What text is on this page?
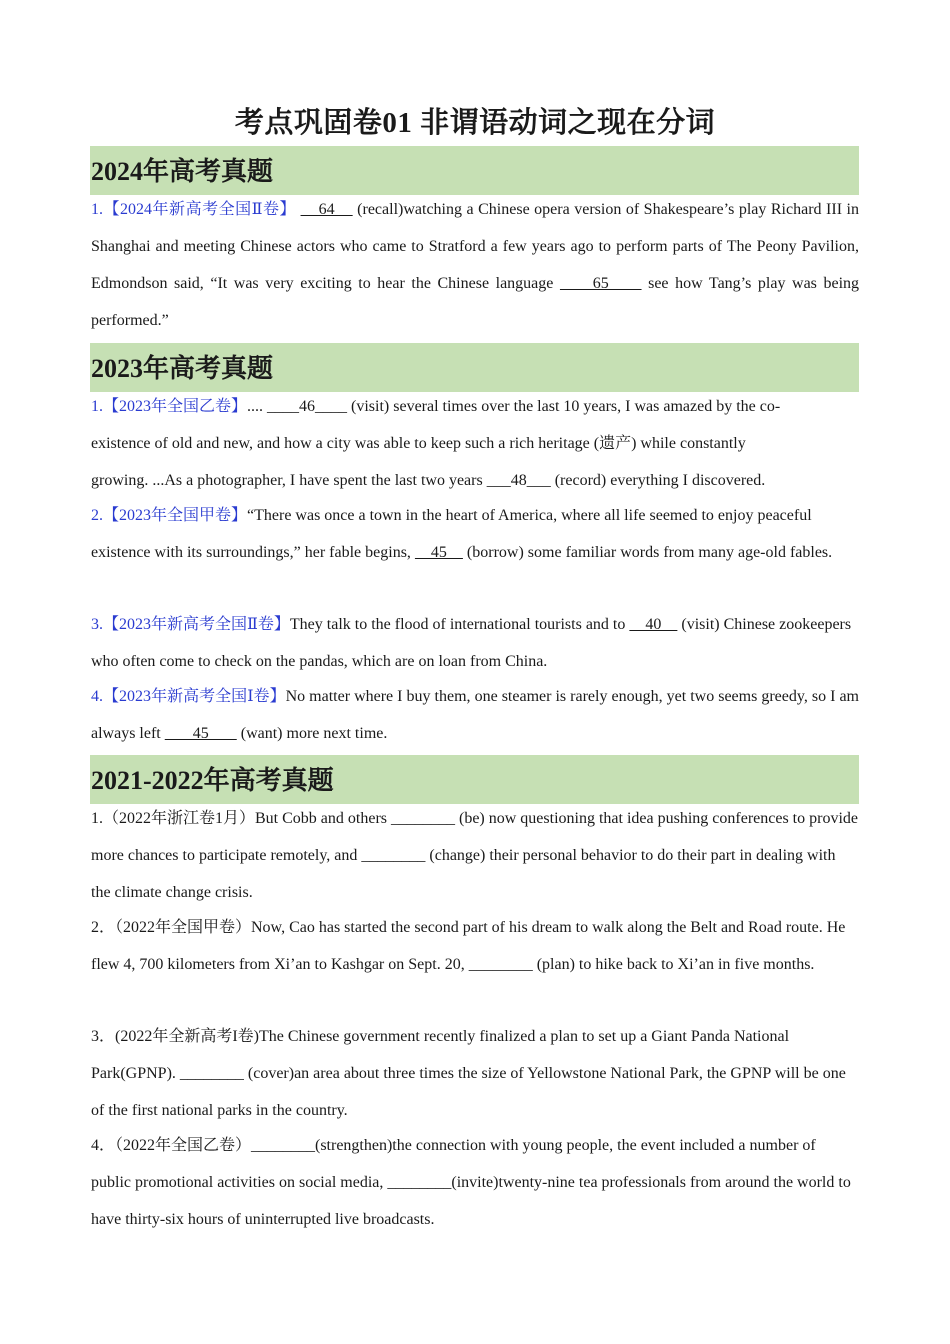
考点巩固卷01 非谓语动词之现在分词
2024年高考真题
1.【2024年新高考全国Ⅱ卷】     64     (recall)watching a Chinese opera version of Shakespeare’s play Richard III in Shanghai and meeting Chinese actors who came to Stratford a few years ago to perform parts of The Peony Pavilion, Edmondson said, “It was very exciting to hear the Chinese language      65      see how Tang’s play was being performed.”
2023年高考真题
1.【2023年全国乙卷】.... ____46____ (visit) several times over the last 10 years, I was amazed by the co-existence of old and new, and how a city was able to keep such a rich heritage (遗产) while constantly
growing. ...As a photographer, I have spent the last two years ___48___ (record) everything I discovered.
2.【2023年全国甲卷】“There was once a town in the heart of America, where all life seemed to enjoy peaceful existence with its surroundings,” her fable begins,     45     (borrow) some familiar words from many age-old fables.
3.【2023年新高考全国Ⅱ卷】They talk to the flood of international tourists and to     40     (visit) Chinese zookeepers who often come to check on the pandas, which are on loan from China.
4.【2023年新高考全国Ⅰ卷】No matter where I buy them, one steamer is rarely enough, yet two seems greedy, so I am always left        45        (want) more next time.
2021-2022年高考真题
1.（2022年浙江卷1月）But Cobb and others ________ (be) now questioning that idea pushing conferences to provide more chances to participate remotely, and ________ (change) their personal behavior to do their part in dealing with the climate change crisis.
2．（2022年全国甲卷）Now, Cao has started the second part of his dream to walk along the Belt and Road route. He flew 4, 700 kilometers from Xi’an to Kashgar on Sept. 20, ________ (plan) to hike back to Xi’an in five months.
3．(2022年全新高考I卷)The Chinese government recently finalized a plan to set up a Giant Panda National Park(GPNP). ________ (cover)an area about three times the size of Yellowstone National Park, the GPNP will be one of the first national parks in the country.
4．（2022年全国乙卷）________(strengthen)the connection with young people, the event included a number of public promotional activities on social media, ________(invite)twenty-nine tea professionals from around the world to have thirty-six hours of uninterrupted live broadcasts.
